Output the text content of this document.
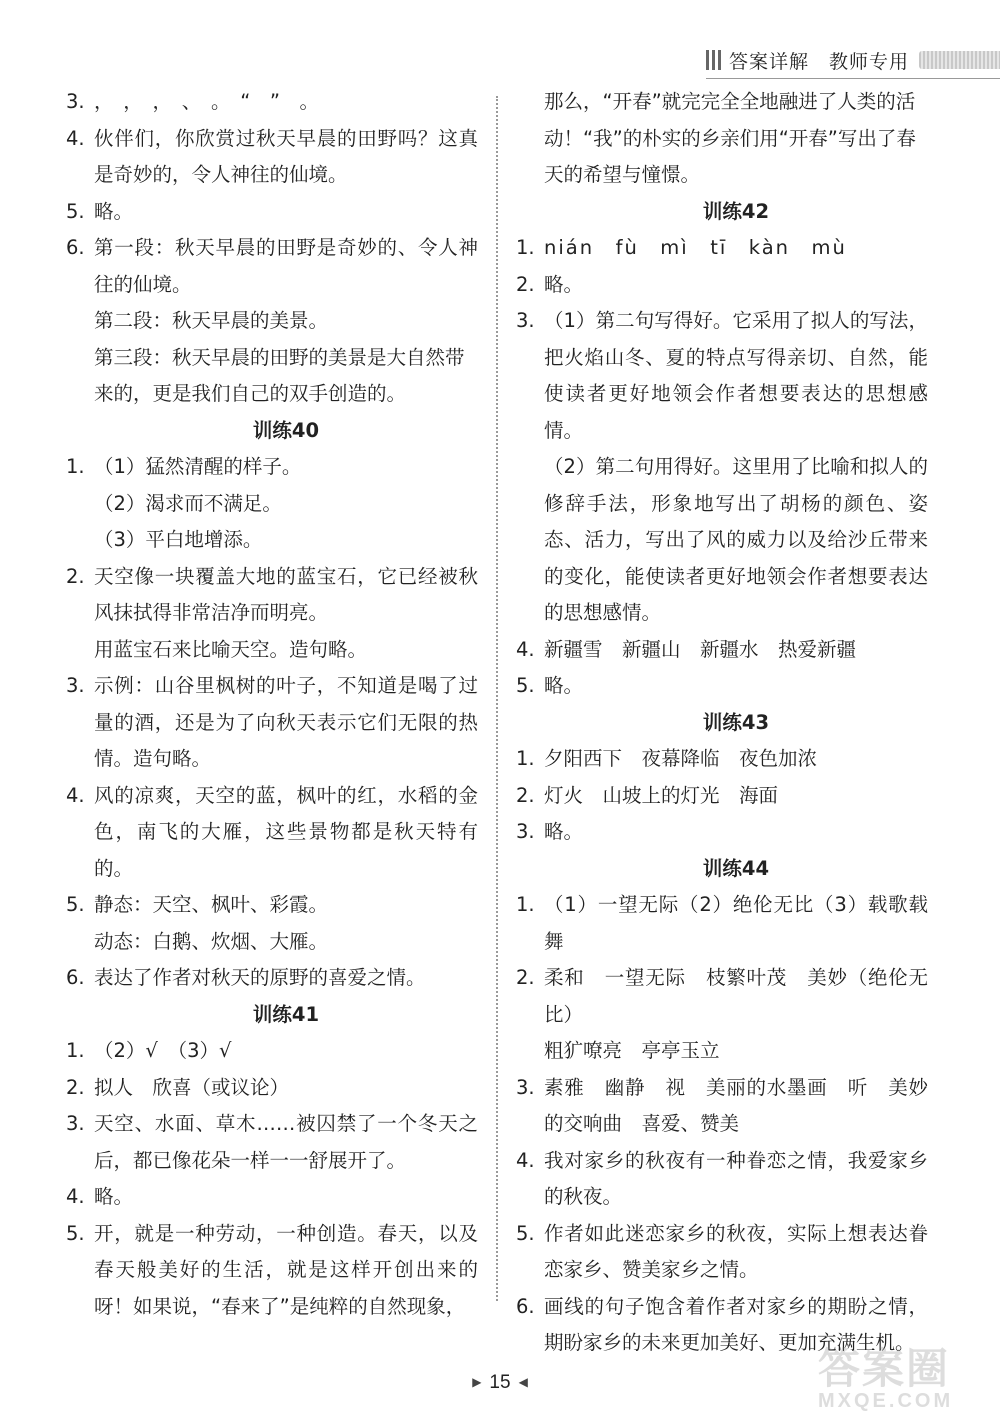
答案详解 教师专用
3. ，　，　，　、　。　“　”　。
4. 伙伴们，你欣赏过秋天早晨的田野吗？这真是奇妙的，令人神往的仙境。
5. 略。
6. 第一段：秋天早晨的田野是奇妙的、令人神往的仙境。
第二段：秋天早晨的美景。
第三段：秋天早晨的田野的美景是大自然带来的，更是我们自己的双手创造的。
训练40
1. （1）猛然清醒的样子。
（2）渴求而不满足。
（3）平白地增添。
2. 天空像一块覆盖大地的蓝宝石，它已经被秋风抹拭得非常洁净而明亮。
用蓝宝石来比喻天空。造句略。
3. 示例：山谷里枫树的叶子，不知道是喝了过量的酒，还是为了向秋天表示它们无限的热情。造句略。
4. 风的凉爽，天空的蓝，枫叶的红，水稻的金色，南飞的大雁，这些景物都是秋天特有的。
5. 静态：天空、枫叶、彩霞。
动态：白鹅、炊烟、大雁。
6. 表达了作者对秋天的原野的喜爱之情。
训练41
1. （2）√　（3）√
2. 拟人　欣喜（或议论）
3. 天空、水面、草木……被囚禁了一个冬天之后，都已像花朵一样一一舒展开了。
4. 略。
5. 开，就是一种劳动，一种创造。春天，以及春天般美好的生活，就是这样开创出来的呀！如果说，“春来了”是纯粹的自然现象，
那么，“开春”就完完全全地融进了人类的活动！“我”的朴实的乡亲们用“开春”写出了春天的希望与憧憬。
训练42
1. nián　fù　mì　tī　kàn　mù
2. 略。
3. （1）第二句写得好。它采用了拟人的写法，把火焰山冬、夏的特点写得亲切、自然，能使读者更好地领会作者想要表达的思想感情。
（2）第二句用得好。这里用了比喻和拟人的修辞手法，形象地写出了胡杨的颜色、姿态、活力，写出了风的威力以及给沙丘带来的变化，能使读者更好地领会作者想要表达的思想感情。
4. 新疆雪　新疆山　新疆水　热爱新疆
5. 略。
训练43
1. 夕阳西下　夜幕降临　夜色加浓
2. 灯火　山坡上的灯光　海面
3. 略。
训练44
1. （1）一望无际（2）绝伦无比（3）载歌载舞
2. 柔和　一望无际　枝繁叶茂　美妙（绝伦无比）
粗犷嘹亮　亭亭玉立
3. 素雅　幽静　视　美丽的水墨画　听　美妙的交响曲　喜爱、赞美
4. 我对家乡的秋夜有一种眷恋之情，我爱家乡的秋夜。
5. 作者如此迷恋家乡的秋夜，实际上想表达眷恋家乡、赞美家乡之情。
6. 画线的句子饱含着作者对家乡的期盼之情，期盼家乡的未来更加美好、更加充满生机。
▶ 15 ◀	答案圈
MXQE.COM
